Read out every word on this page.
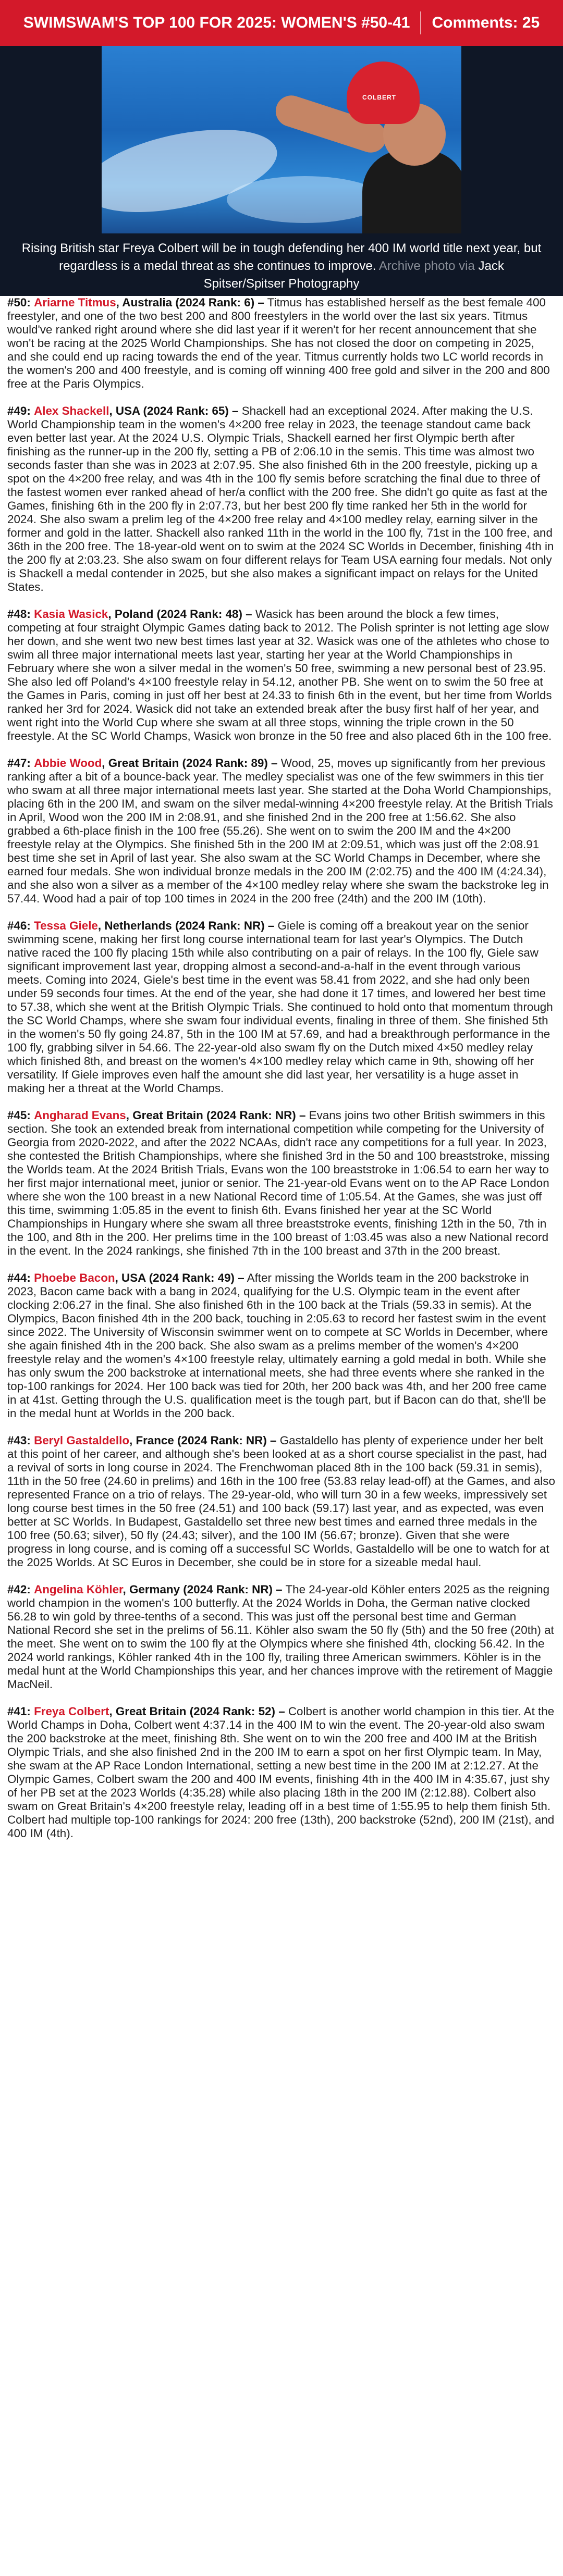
SWIMSWAM'S TOP 100 FOR 2025: WOMEN'S #50-41 Comments: 25
COLBERT
Rising British star Freya Colbert will be in tough defending her 400 IM world title next year, but regardless is a medal threat as she continues to improve. Archive photo via Jack Spitser/Spitser Photography

#50: Ariarne Titmus, Australia (2024 Rank: 6) – Titmus has established herself as the best female 400 freestyler, and one of the two best 200 and 800 freestylers in the world over the last six years. Titmus would've ranked right around where she did last year if it weren't for her recent announcement that she won't be racing at the 2025 World Championships. She has not closed the door on competing in 2025, and she could end up racing towards the end of the year. Titmus currently holds two LC world records in the women's 200 and 400 freestyle, and is coming off winning 400 free gold and silver in the 200 and 800 free at the Paris Olympics.

#49: Alex Shackell, USA (2024 Rank: 65) – Shackell had an exceptional 2024. After making the U.S. World Championship team in the women's 4×200 free relay in 2023, the teenage standout came back even better last year. At the 2024 U.S. Olympic Trials, Shackell earned her first Olympic berth after finishing as the runner-up in the 200 fly, setting a PB of 2:06.10 in the semis. This time was almost two seconds faster than she was in 2023 at 2:07.95. She also finished 6th in the 200 freestyle, picking up a spot on the 4×200 free relay, and was 4th in the 100 fly semis before scratching the final due to three of the fastest women ever ranked ahead of her/a conflict with the 200 free. She didn't go quite as fast at the Games, finishing 6th in the 200 fly in 2:07.73, but her best 200 fly time ranked her 5th in the world for 2024. She also swam a prelim leg of the 4×200 free relay and 4×100 medley relay, earning silver in the former and gold in the latter. Shackell also ranked 11th in the world in the 100 fly, 71st in the 100 free, and 36th in the 200 free. The 18-year-old went on to swim at the 2024 SC Worlds in December, finishing 4th in the 200 fly at 2:03.23. She also swam on four different relays for Team USA earning four medals. Not only is Shackell a medal contender in 2025, but she also makes a significant impact on relays for the United States.

#48: Kasia Wasick, Poland (2024 Rank: 48) – Wasick has been around the block a few times, competing at four straight Olympic Games dating back to 2012. The Polish sprinter is not letting age slow her down, and she went two new best times last year at 32. Wasick was one of the athletes who chose to swim all three major international meets last year, starting her year at the World Championships in February where she won a silver medal in the women's 50 free, swimming a new personal best of 23.95. She also led off Poland's 4×100 freestyle relay in 54.12, another PB. She went on to swim the 50 free at the Games in Paris, coming in just off her best at 24.33 to finish 6th in the event, but her time from Worlds ranked her 3rd for 2024. Wasick did not take an extended break after the busy first half of her year, and went right into the World Cup where she swam at all three stops, winning the triple crown in the 50 freestyle. At the SC World Champs, Wasick won bronze in the 50 free and also placed 6th in the 100 free.

#47: Abbie Wood, Great Britain (2024 Rank: 89) – Wood, 25, moves up significantly from her previous ranking after a bit of a bounce-back year. The medley specialist was one of the few swimmers in this tier who swam at all three major international meets last year. She started at the Doha World Championships, placing 6th in the 200 IM, and swam on the silver medal-winning 4×200 freestyle relay. At the British Trials in April, Wood won the 200 IM in 2:08.91, and she finished 2nd in the 200 free at 1:56.62. She also grabbed a 6th-place finish in the 100 free (55.26). She went on to swim the 200 IM and the 4×200 freestyle relay at the Olympics. She finished 5th in the 200 IM at 2:09.51, which was just off the 2:08.91 best time she set in April of last year. She also swam at the SC World Champs in December, where she earned four medals. She won individual bronze medals in the 200 IM (2:02.75) and the 400 IM (4:24.34), and she also won a silver as a member of the 4×100 medley relay where she swam the backstroke leg in 57.44. Wood had a pair of top 100 times in 2024 in the 200 free (24th) and the 200 IM (10th).

#46: Tessa Giele, Netherlands (2024 Rank: NR) – Giele is coming off a breakout year on the senior swimming scene, making her first long course international team for last year's Olympics. The Dutch native raced the 100 fly placing 15th while also contributing on a pair of relays. In the 100 fly, Giele saw significant improvement last year, dropping almost a second-and-a-half in the event through various meets. Coming into 2024, Giele's best time in the event was 58.41 from 2022, and she had only been under 59 seconds four times. At the end of the year, she had done it 17 times, and lowered her best time to 57.38, which she went at the British Olympic Trials. She continued to hold onto that momentum through the SC World Champs, where she swam four individual events, finaling in three of them. She finished 5th in the women's 50 fly going 24.87, 5th in the 100 IM at 57.69, and had a breakthrough performance in the 100 fly, grabbing silver in 54.66. The 22-year-old also swam fly on the Dutch mixed 4×50 medley relay which finished 8th, and breast on the women's 4×100 medley relay which came in 9th, showing off her versatility. If Giele improves even half the amount she did last year, her versatility is a huge asset in making her a threat at the World Champs.

#45: Angharad Evans, Great Britain (2024 Rank: NR) – Evans joins two other British swimmers in this section. She took an extended break from international competition while competing for the University of Georgia from 2020-2022, and after the 2022 NCAAs, didn't race any competitions for a full year. In 2023, she contested the British Championships, where she finished 3rd in the 50 and 100 breaststroke, missing the Worlds team. At the 2024 British Trials, Evans won the 100 breaststroke in 1:06.54 to earn her way to her first major international meet, junior or senior. The 21-year-old Evans went on to the AP Race London where she won the 100 breast in a new National Record time of 1:05.54. At the Games, she was just off this time, swimming 1:05.85 in the event to finish 6th. Evans finished her year at the SC World Championships in Hungary where she swam all three breaststroke events, finishing 12th in the 50, 7th in the 100, and 8th in the 200. Her prelims time in the 100 breast of 1:03.45 was also a new National record in the event. In the 2024 rankings, she finished 7th in the 100 breast and 37th in the 200 breast.

#44: Phoebe Bacon, USA (2024 Rank: 49) – After missing the Worlds team in the 200 backstroke in 2023, Bacon came back with a bang in 2024, qualifying for the U.S. Olympic team in the event after clocking 2:06.27 in the final. She also finished 6th in the 100 back at the Trials (59.33 in semis). At the Olympics, Bacon finished 4th in the 200 back, touching in 2:05.63 to record her fastest swim in the event since 2022. The University of Wisconsin swimmer went on to compete at SC Worlds in December, where she again finished 4th in the 200 back. She also swam as a prelims member of the women's 4×200 freestyle relay and the women's 4×100 freestyle relay, ultimately earning a gold medal in both. While she has only swum the 200 backstroke at international meets, she had three events where she ranked in the top-100 rankings for 2024. Her 100 back was tied for 20th, her 200 back was 4th, and her 200 free came in at 41st. Getting through the U.S. qualification meet is the tough part, but if Bacon can do that, she'll be in the medal hunt at Worlds in the 200 back.

#43: Beryl Gastaldello, France (2024 Rank: NR) – Gastaldello has plenty of experience under her belt at this point of her career, and although she's been looked at as a short course specialist in the past, had a revival of sorts in long course in 2024. The Frenchwoman placed 8th in the 100 back (59.31 in semis), 11th in the 50 free (24.60 in prelims) and 16th in the 100 free (53.83 relay lead-off) at the Games, and also represented France on a trio of relays. The 29-year-old, who will turn 30 in a few weeks, impressively set long course best times in the 50 free (24.51) and 100 back (59.17) last year, and as expected, was even better at SC Worlds. In Budapest, Gastaldello set three new best times and earned three medals in the 100 free (50.63; silver), 50 fly (24.43; silver), and the 100 IM (56.67; bronze). Given that she were progress in long course, and is coming off a successful SC Worlds, Gastaldello will be one to watch for at the 2025 Worlds. At SC Euros in December, she could be in store for a sizeable medal haul.

#42: Angelina Köhler, Germany (2024 Rank: NR) – The 24-year-old Köhler enters 2025 as the reigning world champion in the women's 100 butterfly. At the 2024 Worlds in Doha, the German native clocked 56.28 to win gold by three-tenths of a second. This was just off the personal best time and German National Record she set in the prelims of 56.11. Köhler also swam the 50 fly (5th) and the 50 free (20th) at the meet. She went on to swim the 100 fly at the Olympics where she finished 4th, clocking 56.42. In the 2024 world rankings, Köhler ranked 4th in the 100 fly, trailing three American swimmers. Köhler is in the medal hunt at the World Championships this year, and her chances improve with the retirement of Maggie MacNeil.

#41: Freya Colbert, Great Britain (2024 Rank: 52) – Colbert is another world champion in this tier. At the World Champs in Doha, Colbert went 4:37.14 in the 400 IM to win the event. The 20-year-old also swam the 200 backstroke at the meet, finishing 8th. She went on to win the 200 free and 400 IM at the British Olympic Trials, and she also finished 2nd in the 200 IM to earn a spot on her first Olympic team. In May, she swam at the AP Race London International, setting a new best time in the 200 IM at 2:12.27. At the Olympic Games, Colbert swam the 200 and 400 IM events, finishing 4th in the 400 IM in 4:35.67, just shy of her PB set at the 2023 Worlds (4:35.28) while also placing 18th in the 200 IM (2:12.88). Colbert also swam on Great Britain's 4×200 freestyle relay, leading off in a best time of 1:55.95 to help them finish 5th. Colbert had multiple top-100 rankings for 2024: 200 free (13th), 200 backstroke (52nd), 200 IM (21st), and 400 IM (4th).
